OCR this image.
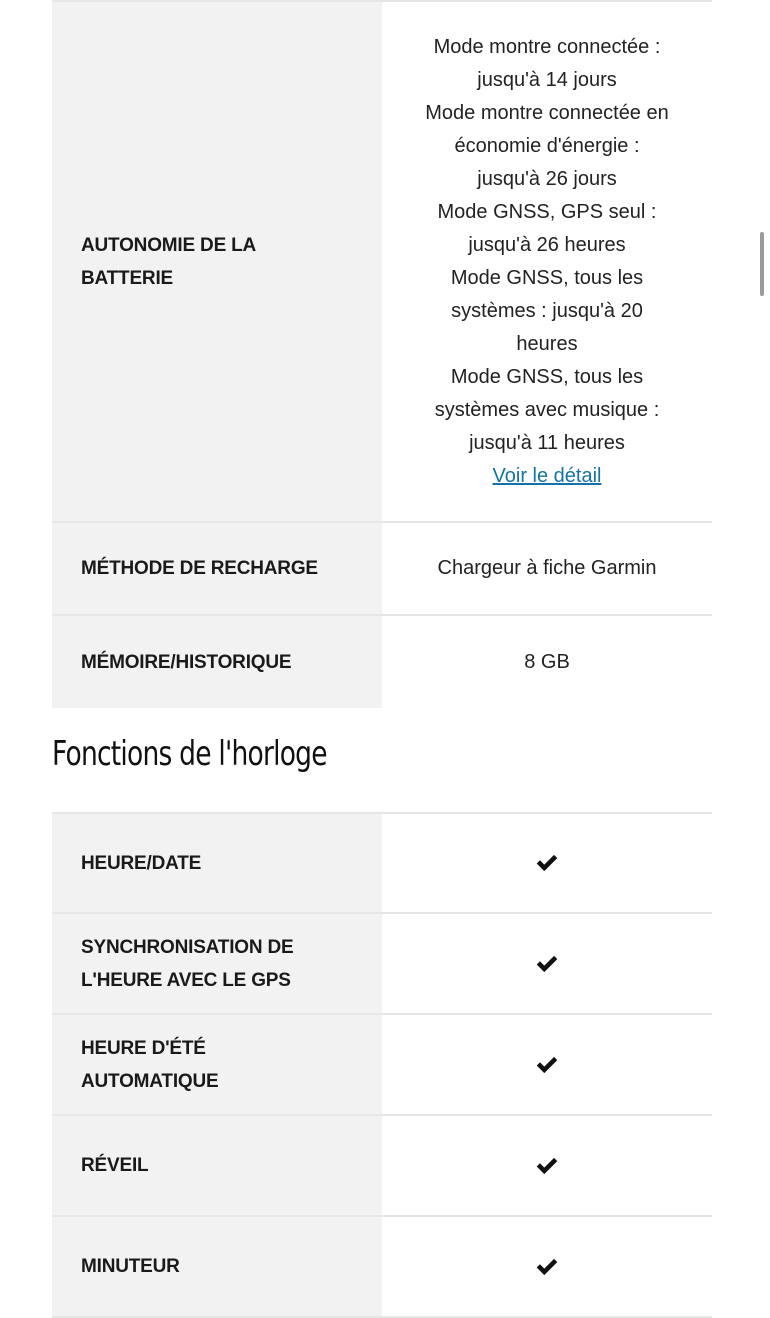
AUTONOMIE DE LA BATTERIE
Mode montre connectée :
jusqu'à 14 jours
Mode montre connectée en
économie d'énergie :
jusqu'à 26 jours
Mode GNSS, GPS seul :
jusqu'à 26 heures
Mode GNSS, tous les
systèmes : jusqu'à 20
heures
Mode GNSS, tous les
systèmes avec musique :
jusqu'à 11 heures
Voir le détail
MÉTHODE DE RECHARGE	Chargeur à fiche Garmin
MÉMOIRE/HISTORIQUE	8 GB
Fonctions de l'horloge
HEURE/DATE
SYNCHRONISATION DE L'HEURE AVEC LE GPS
HEURE D'ÉTÉ AUTOMATIQUE
RÉVEIL
MINUTEUR
